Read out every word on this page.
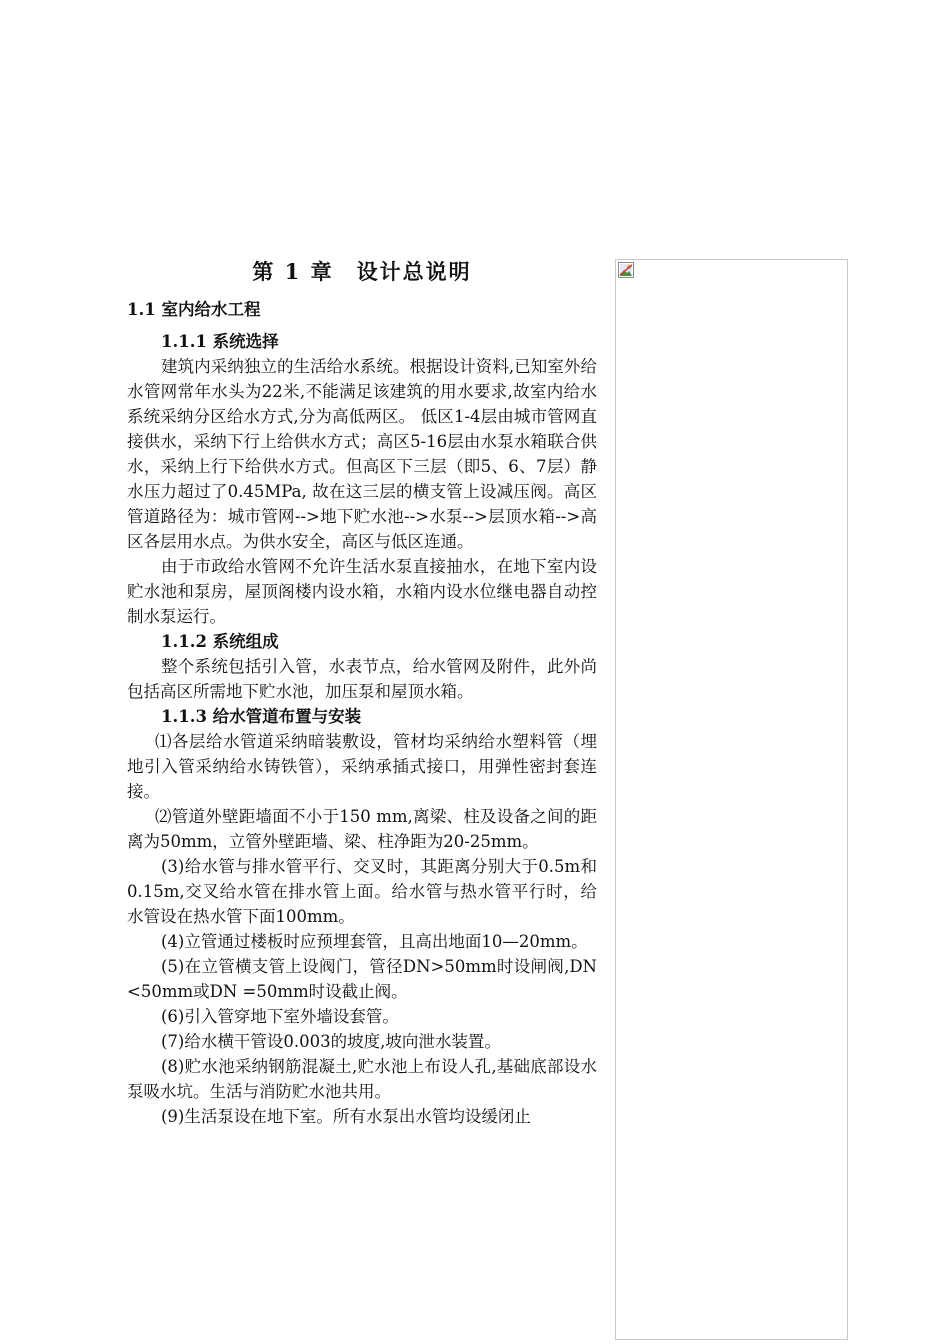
第 1 章　设计总说明
1.1 室内给水工程
1.1.1 系统选择

建筑内采纳独立的生活给水系统。根据设计资料,已知室外给水管网常年水头为22米,不能满足该建筑的用水要求,故室内给水系统采纳分区给水方式,分为高低两区。 低区1-4层由城市管网直接供水，采纳下行上给供水方式；高区5-16层由水泵水箱联合供水，采纳上行下给供水方式。但高区下三层（即5、6、7层）静水压力超过了0.45MPa, 故在这三层的横支管上设减压阀。高区管道路径为：城市管网-->地下贮水池-->水泵-->层顶水箱-->高区各层用水点。为供水安全，高区与低区连通。

由于市政给水管网不允许生活水泵直接抽水，在地下室内设贮水池和泵房，屋顶阁楼内设水箱，水箱内设水位继电器自动控制水泵运行。

1.1.2 系统组成

整个系统包括引入管，水表节点，给水管网及附件，此外尚包括高区所需地下贮水池，加压泵和屋顶水箱。

1.1.3 给水管道布置与安装

⑴各层给水管道采纳暗装敷设，管材均采纳给水塑料管（埋地引入管采纳给水铸铁管），采纳承插式接口，用弹性密封套连接。

⑵管道外壁距墙面不小于150 mm,离梁、柱及设备之间的距离为50mm，立管外壁距墙、梁、柱净距为20-25mm。

(3)给水管与排水管平行、交叉时，其距离分别大于0.5m和0.15m,交叉给水管在排水管上面。给水管与热水管平行时，给水管设在热水管下面100mm。

(4)立管通过楼板时应预埋套管，且高出地面10—20mm。

(5)在立管横支管上设阀门，管径DN>50mm时设闸阀,DN<50mm或DN =50mm时设截止阀。

(6)引入管穿地下室外墙设套管。

(7)给水横干管设0.003的坡度,坡向泄水装置。

(8)贮水池采纳钢筋混凝土,贮水池上布设人孔,基础底部设水泵吸水坑。生活与消防贮水池共用。

(9)生活泵设在地下室。所有水泵出水管均设缓闭止
